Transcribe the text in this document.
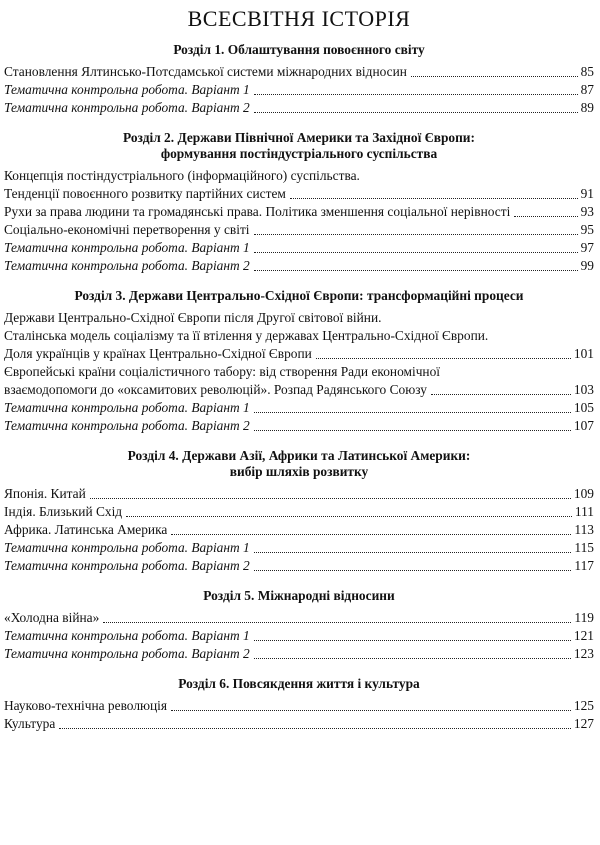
ВСЕСВІТНЯ ІСТОРІЯ
Розділ 1. Облаштування повоєнного світу
Становлення Ялтинсько-Потсдамської системи міжнародних відносин	85
Тематична контрольна робота. Варіант 1	87
Тематична контрольна робота. Варіант 2	89
Розділ 2. Держави Північної Америки та Західної Європи:
формування постіндустріального суспільства
Концепція постіндустріального (інформаційного) суспільства.
Тенденції повоєнного розвитку партійних систем	91
Рухи за права людини та громадянські права. Політика зменшення соціальної нерівності	93
Соціально-економічні перетворення у світі	95
Тематична контрольна робота. Варіант 1	97
Тематична контрольна робота. Варіант 2	99
Розділ 3. Держави Центрально-Східної Європи: трансформаційні процеси
Держави Центрально-Східної Європи після Другої світової війни.
Сталінська модель соціалізму та її втілення у державах Центрально-Східної Європи.
Доля українців у країнах Центрально-Східної Європи	101
Європейські країни соціалістичного табору: від створення Ради економічної
взаємодопомоги до «оксамитових революцій». Розпад Радянського Союзу	103
Тематична контрольна робота. Варіант 1	105
Тематична контрольна робота. Варіант 2	107
Розділ 4. Держави Азії, Африки та Латинської Америки:
вибір шляхів розвитку
Японія. Китай	109
Індія. Близький Схід	111
Африка. Латинська Америка	113
Тематична контрольна робота. Варіант 1	115
Тематична контрольна робота. Варіант 2	117
Розділ 5. Міжнародні відносини
«Холодна війна»	119
Тематична контрольна робота. Варіант 1	121
Тематична контрольна робота. Варіант 2	123
Розділ 6. Повсякдення життя і культура
Науково-технічна революція	125
Культура	127
